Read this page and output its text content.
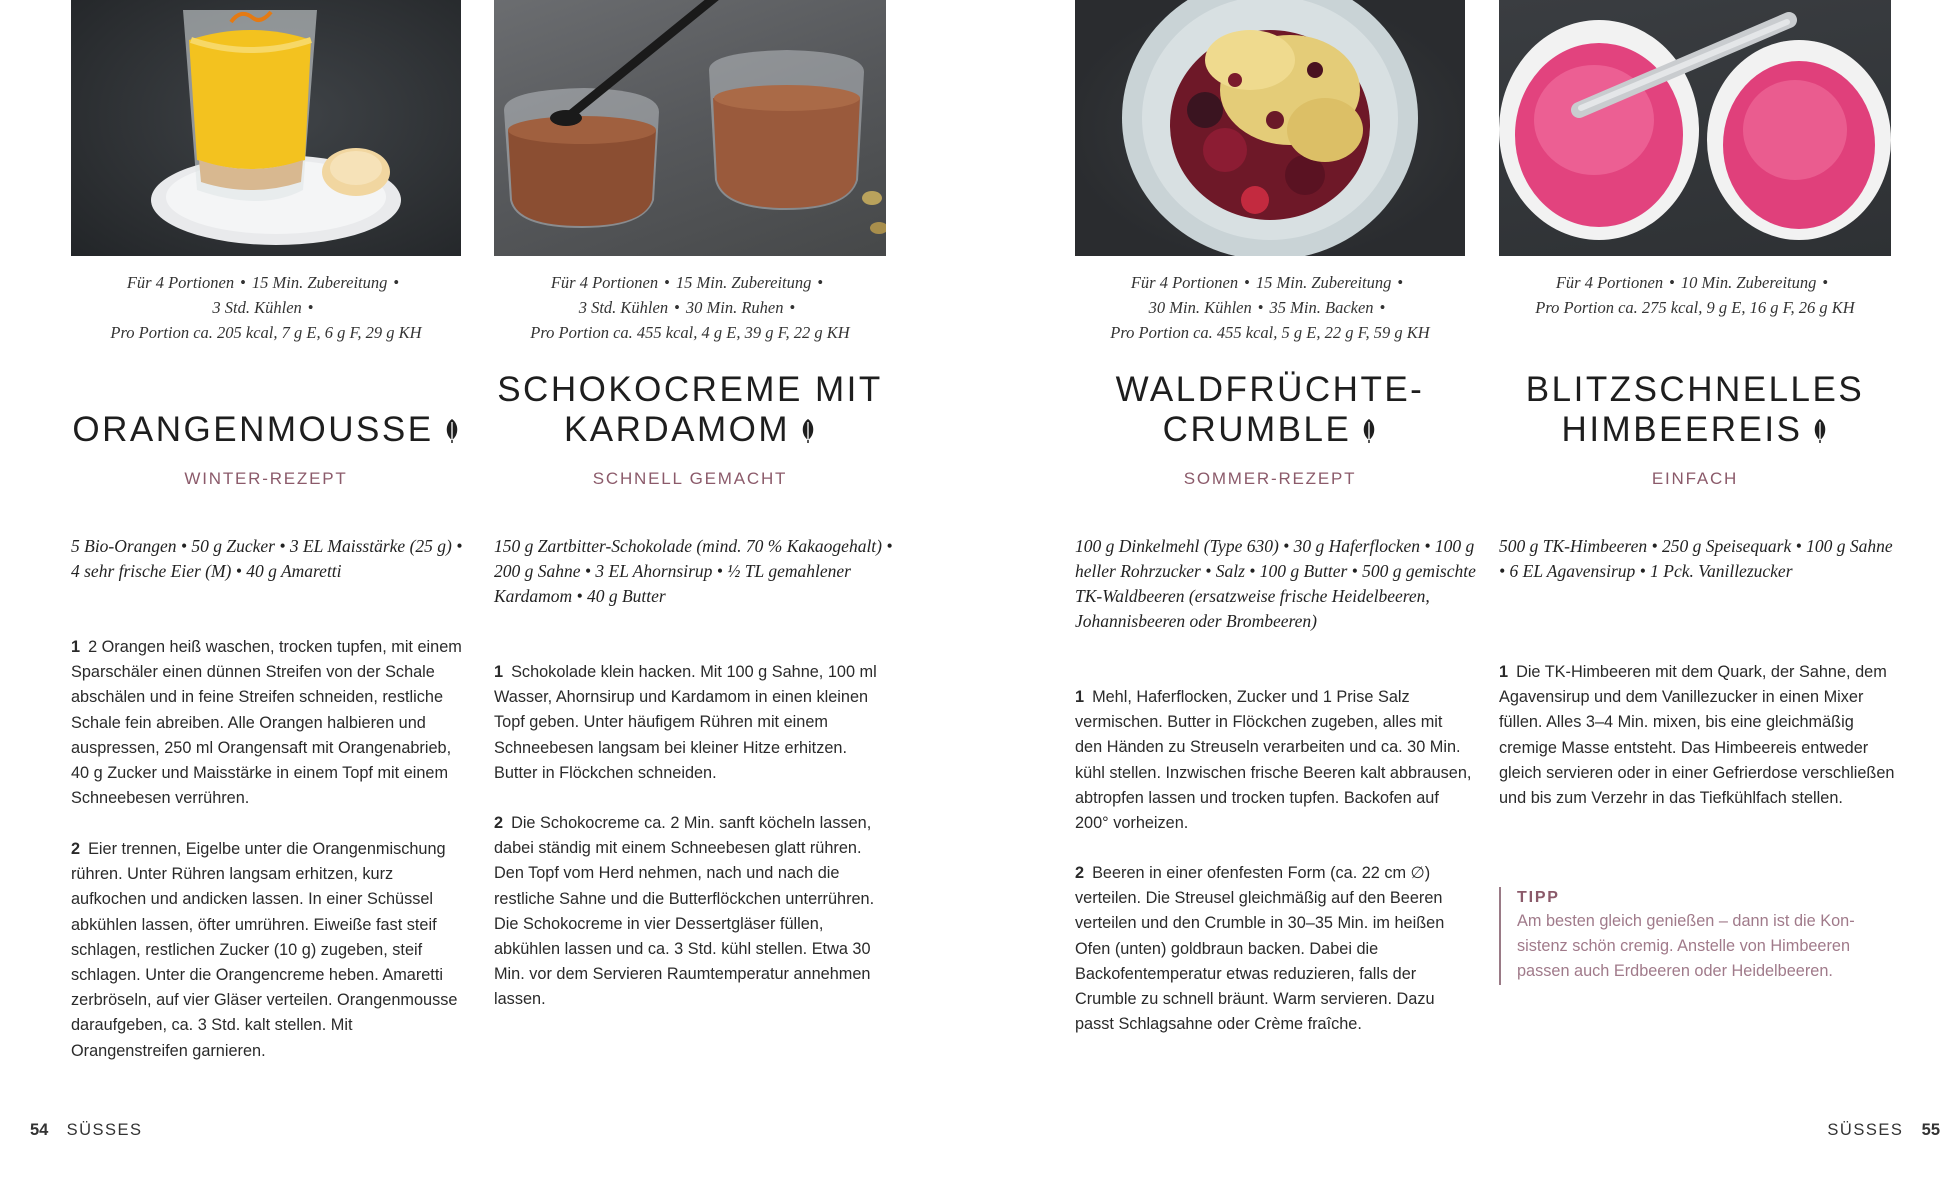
Für 4 Portionen • 15 Min. Zubereitung •
3 Std. Kühlen •
Pro Portion ca. 205 kcal, 7 g E, 6 g F, 29 g KH
ORANGENMOUSSE
WINTER-REZEPT
5 Bio-Orangen • 50 g Zucker • 3 EL Maisstärke (25 g) • 4 sehr frische Eier (M) • 40 g Amaretti
1 2 Orangen heiß waschen, trocken tupfen, mit einem Sparschäler einen dünnen Streifen von der Schale abschälen und in feine Streifen schneiden, restliche Schale fein abreiben. Alle Orangen halbieren und auspressen, 250 ml Orangensaft mit Orangenabrieb, 40 g Zucker und Maisstärke in einem Topf mit einem Schneebesen verrühren.
2 Eier trennen, Eigelbe unter die Orangenmischung rühren. Unter Rühren langsam erhitzen, kurz aufkochen und andicken lassen. In einer Schüssel abkühlen lassen, öfter umrühren. Eiweiße fast steif schlagen, restlichen Zucker (10 g) zugeben, steif schlagen. Unter die Orangencreme heben. Amaretti zerbröseln, auf vier Gläser verteilen. Orangenmousse daraufgeben, ca. 3 Std. kalt stellen. Mit Orangenstreifen garnieren.
Für 4 Portionen • 15 Min. Zubereitung •
3 Std. Kühlen • 30 Min. Ruhen •
Pro Portion ca. 455 kcal, 4 g E, 39 g F, 22 g KH
SCHOKOCREME MIT
KARDAMOM
SCHNELL GEMACHT
150 g Zartbitter-Schokolade (mind. 70 % Kakaogehalt) • 200 g Sahne • 3 EL Ahornsirup • ½ TL gemahlener Kardamom • 40 g Butter
1 Schokolade klein hacken. Mit 100 g Sahne, 100 ml Wasser, Ahornsirup und Kardamom in einen kleinen Topf geben. Unter häufigem Rühren mit einem Schneebesen langsam bei kleiner Hitze erhitzen. Butter in Flöckchen schneiden.
2 Die Schokocreme ca. 2 Min. sanft köcheln lassen, dabei ständig mit einem Schneebesen glatt rühren. Den Topf vom Herd nehmen, nach und nach die restliche Sahne und die Butterflöckchen unterrühren. Die Schokocreme in vier Dessertgläser füllen, abkühlen lassen und ca. 3 Std. kühl stellen. Etwa 30 Min. vor dem Servieren Raumtemperatur annehmen lassen.
Für 4 Portionen • 15 Min. Zubereitung •
30 Min. Kühlen • 35 Min. Backen •
Pro Portion ca. 455 kcal, 5 g E, 22 g F, 59 g KH
WALDFRÜCHTE-
CRUMBLE
SOMMER-REZEPT
100 g Dinkelmehl (Type 630) • 30 g Haferflocken • 100 g heller Rohrzucker • Salz • 100 g Butter • 500 g gemischte TK-Waldbeeren (ersatzweise frische Heidelbeeren, Johannisbeeren oder Brombeeren)
1 Mehl, Haferflocken, Zucker und 1 Prise Salz vermischen. Butter in Flöckchen zugeben, alles mit den Händen zu Streuseln verarbeiten und ca. 30 Min. kühl stellen. Inzwischen frische Beeren kalt abbrausen, abtropfen lassen und trocken tupfen. Backofen auf 200° vorheizen.
2 Beeren in einer ofenfesten Form (ca. 22 cm ∅) verteilen. Die Streusel gleichmäßig auf den Beeren verteilen und den Crumble in 30–35 Min. im heißen Ofen (unten) goldbraun backen. Dabei die Backofentemperatur etwas reduzieren, falls der Crumble zu schnell bräunt. Warm servieren. Dazu passt Schlagsahne oder Crème fraîche.
Für 4 Portionen • 10 Min. Zubereitung •
Pro Portion ca. 275 kcal, 9 g E, 16 g F, 26 g KH
BLITZSCHNELLES
HIMBEEREIS
EINFACH
500 g TK-Himbeeren • 250 g Speisequark • 100 g Sahne • 6 EL Agavensirup • 1 Pck. Vanillezucker
1 Die TK-Himbeeren mit dem Quark, der Sahne, dem Agavensirup und dem Vanillezucker in einen Mixer füllen. Alles 3–4 Min. mixen, bis eine gleichmäßig cremige Masse entsteht. Das Himbeereis entweder gleich servieren oder in einer Gefrierdose verschließen und bis zum Verzehr in das Tiefkühlfach stellen.
TIPP
Am besten gleich genießen – dann ist die Konsistenz schön cremig. Anstelle von Himbeeren passen auch Erdbeeren oder Heidelbeeren.
54 SÜSSES	SÜSSES 55
